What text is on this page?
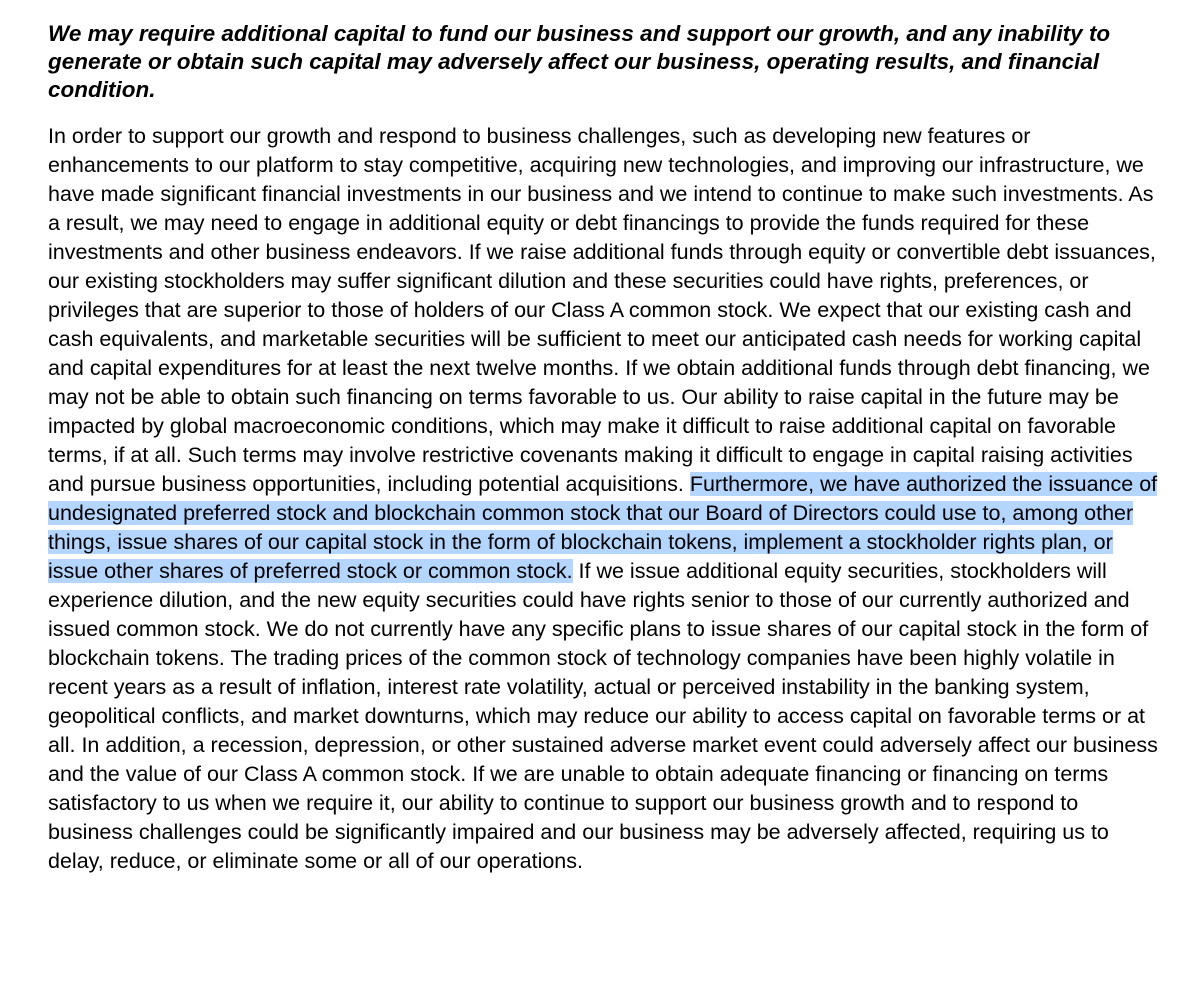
We may require additional capital to fund our business and support our growth, and any inability to generate or obtain such capital may adversely affect our business, operating results, and financial condition.

In order to support our growth and respond to business challenges, such as developing new features or enhancements to our platform to stay competitive, acquiring new technologies, and improving our infrastructure, we have made significant financial investments in our business and we intend to continue to make such investments. As a result, we may need to engage in additional equity or debt financings to provide the funds required for these investments and other business endeavors. If we raise additional funds through equity or convertible debt issuances, our existing stockholders may suffer significant dilution and these securities could have rights, preferences, or privileges that are superior to those of holders of our Class A common stock. We expect that our existing cash and cash equivalents, and marketable securities will be sufficient to meet our anticipated cash needs for working capital and capital expenditures for at least the next twelve months. If we obtain additional funds through debt financing, we may not be able to obtain such financing on terms favorable to us. Our ability to raise capital in the future may be impacted by global macroeconomic conditions, which may make it difficult to raise additional capital on favorable terms, if at all. Such terms may involve restrictive covenants making it difficult to engage in capital raising activities and pursue business opportunities, including potential acquisitions. Furthermore, we have authorized the issuance of undesignated preferred stock and blockchain common stock that our Board of Directors could use to, among other things, issue shares of our capital stock in the form of blockchain tokens, implement a stockholder rights plan, or issue other shares of preferred stock or common stock. If we issue additional equity securities, stockholders will experience dilution, and the new equity securities could have rights senior to those of our currently authorized and issued common stock. We do not currently have any specific plans to issue shares of our capital stock in the form of blockchain tokens. The trading prices of the common stock of technology companies have been highly volatile in recent years as a result of inflation, interest rate volatility, actual or perceived instability in the banking system, geopolitical conflicts, and market downturns, which may reduce our ability to access capital on favorable terms or at all. In addition, a recession, depression, or other sustained adverse market event could adversely affect our business and the value of our Class A common stock. If we are unable to obtain adequate financing or financing on terms satisfactory to us when we require it, our ability to continue to support our business growth and to respond to business challenges could be significantly impaired and our business may be adversely affected, requiring us to delay, reduce, or eliminate some or all of our operations.
